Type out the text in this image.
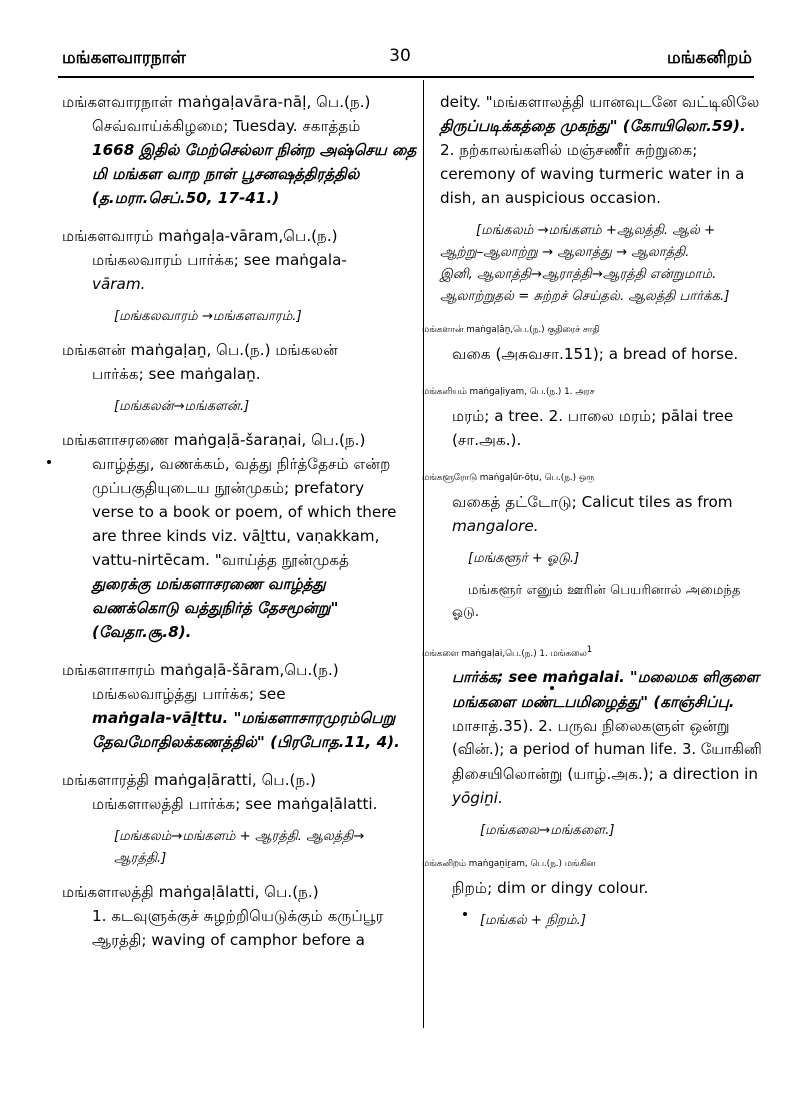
மங்களவாரநாள்	30	மங்கனிறம்
மங்களவாரநாள் maṅgaḷavāra-nāḷ, பெ.(ந.)
செவ்வாய்க்கிழமை; Tuesday. சகாத்தம்
1668 இதில் மேற்செல்லா நின்ற அஷ்செய தை
மி மங்கள வாற நாள் பூசனஷத்திரத்தில்
(த.மரா.செப்.50, 17-41.)
மங்களவாரம் maṅgaḷa-vāram,பெ.(ந.)
மங்கலவாரம் பார்க்க; see maṅgala-
vāram.
[மங்கலவாரம் →மங்களவாரம்.]
மங்களன் maṅgaḷaṉ, பெ.(ந.) மங்கலன்
பார்க்க; see maṅgalaṉ.
[மங்கலன்→மங்களன்.]
மங்களாசரணை maṅgaḷā-šaraṇai, பெ.(ந.)
வாழ்த்து, வணக்கம், வத்து நிர்த்தேசம் என்ற
முப்பகுதியுடைய நூன்முகம்; prefatory
verse to a book or poem, of which there
are three kinds viz. vāḻttu, vaṇakkam,
vattu-nirtēcam. "வாய்த்த நூன்முகத்
துரைக்கு மங்களாசரணை வாழ்த்து
வணக்கொடு வத்துநிர்த் தேசமூன்று"
(வேதா.சூ.8).
மங்களாசாரம் maṅgaḷā-šāram,பெ.(ந.)
மங்கலவாழ்த்து பார்க்க; see
maṅgala-vāḻttu. "மங்களாசாரமுரம்பெறு
தேவமோதிலக்கணத்தில்" (பிரபோத.11, 4).
மங்களாரத்தி maṅgaḷāratti, பெ.(ந.)
மங்களாலத்தி பார்க்க; see maṅgaḷālatti.
[மங்கலம்→மங்களம் + ஆரத்தி. ஆலத்தி→
ஆரத்தி.]
மங்களாலத்தி maṅgaḷālatti, பெ.(ந.)
1. கடவுளுக்குச் சுழற்றியெடுக்கும் கருப்பூர
ஆரத்தி; waving of camphor before a
deity. "மங்களாலத்தி யானவுடனே வட்டிலிலே
திருப்படிக்கத்தை முகந்து" (கோயிலொ.59).
2. நற்காலங்களில் மஞ்சணீர் சுற்றுகை;
ceremony of waving turmeric water in a
dish, an auspicious occasion.
[மங்கலம் →மங்களம் +ஆலத்தி. ஆல் +
ஆற்று–ஆலாற்று → ஆலாத்து → ஆலாத்தி.
இனி, ஆலாத்தி→ஆராத்தி→ஆரத்தி என்றுமாம்.
ஆலாற்றுதல் = சுற்றச் செய்தல். ஆலத்தி பார்க்க.]
மங்களான் maṅgaḷāṉ,பெ.(ந.) குதிரைச் சாதி
வகை (அசுவசா.151); a bread of horse.
மங்களியம் maṅgaḷiyam, பெ.(ந.) 1. அரச
மரம்; a tree. 2. பாலை மரம்; pālai tree
(சா.அக.).
மங்களூரோடு maṅgaḷūr-ōṭu, பெ.(ந.) ஒரு
வகைத் தட்டோடு; Calicut tiles as from
mangalore.
[மங்களூர் + ஓடு.]
மங்களூர் எனும் ஊரின் பெயரினால் அமைந்த
ஓடு.
மங்களை maṅgaḷai,பெ.(ந.) 1. மங்கலை$^1$
பார்க்க; see maṅgalai. "மலைமக ளிகுளை
மங்களை மண்டபமிழைத்து" (காஞ்சிப்பு.
மாசாத்.35). 2. பருவ நிலைகளுள் ஒன்று
(வின்.); a period of human life. 3. யோகினி
திசையிலொன்று (யாழ்.அக.); a direction in
yōgiṉi.
[மங்கலை→மங்களை.]
மங்கனிறம் maṅgaṉiṟam, பெ.(ந.) மங்கின
நிறம்; dim or dingy colour.
[மங்கல் + நிறம்.]
